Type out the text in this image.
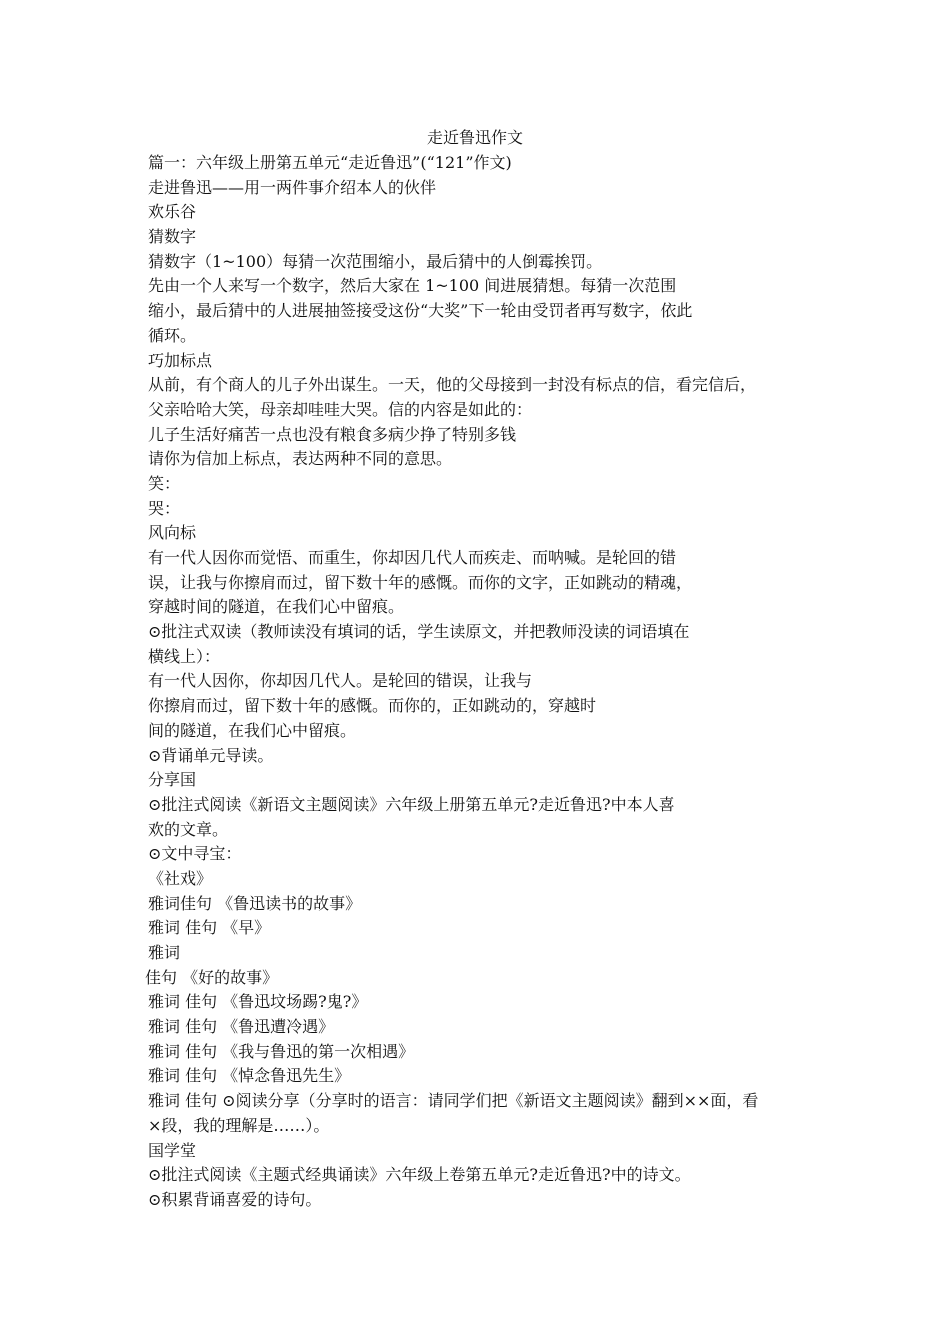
走近鲁迅作文
篇一：六年级上册第五单元“走近鲁迅”(“121”作文)
走进鲁迅——用一两件事介绍本人的伙伴
欢乐谷
猜数字
猜数字（1~100）每猜一次范围缩小，最后猜中的人倒霉挨罚。
先由一个人来写一个数字，然后大家在 1~100 间进展猜想。每猜一次范围
缩小，最后猜中的人进展抽签接受这份“大奖”下一轮由受罚者再写数字，依此
循环。
巧加标点
从前，有个商人的儿子外出谋生。一天，他的父母接到一封没有标点的信，看完信后，
父亲哈哈大笑，母亲却哇哇大哭。信的内容是如此的：
儿子生活好痛苦一点也没有粮食多病少挣了特别多钱
请你为信加上标点，表达两种不同的意思。
笑：
哭：
风向标
有一代人因你而觉悟、而重生，你却因几代人而疾走、而呐喊。是轮回的错
误，让我与你擦肩而过，留下数十年的感慨。而你的文字，正如跳动的精魂，
穿越时间的隧道，在我们心中留痕。
⊙批注式双读（教师读没有填词的话，学生读原文，并把教师没读的词语填在
横线上）：
有一代人因你，你却因几代人。是轮回的错误，让我与
你擦肩而过，留下数十年的感慨。而你的，正如跳动的，穿越时
间的隧道，在我们心中留痕。
⊙背诵单元导读。
分享国
⊙批注式阅读《新语文主题阅读》六年级上册第五单元?走近鲁迅?中本人喜
欢的文章。
⊙文中寻宝：
《社戏》
雅词佳句 《鲁迅读书的故事》
雅词 佳句 《早》
雅词
佳句 《好的故事》
雅词 佳句 《鲁迅坟场踢?鬼?》
雅词 佳句 《鲁迅遭冷遇》
雅词 佳句 《我与鲁迅的第一次相遇》
雅词 佳句 《悼念鲁迅先生》
雅词 佳句 ⊙阅读分享（分享时的语言：请同学们把《新语文主题阅读》翻到××面，看
×段，我的理解是……）。
国学堂
⊙批注式阅读《主题式经典诵读》六年级上卷第五单元?走近鲁迅?中的诗文。
⊙积累背诵喜爱的诗句。
